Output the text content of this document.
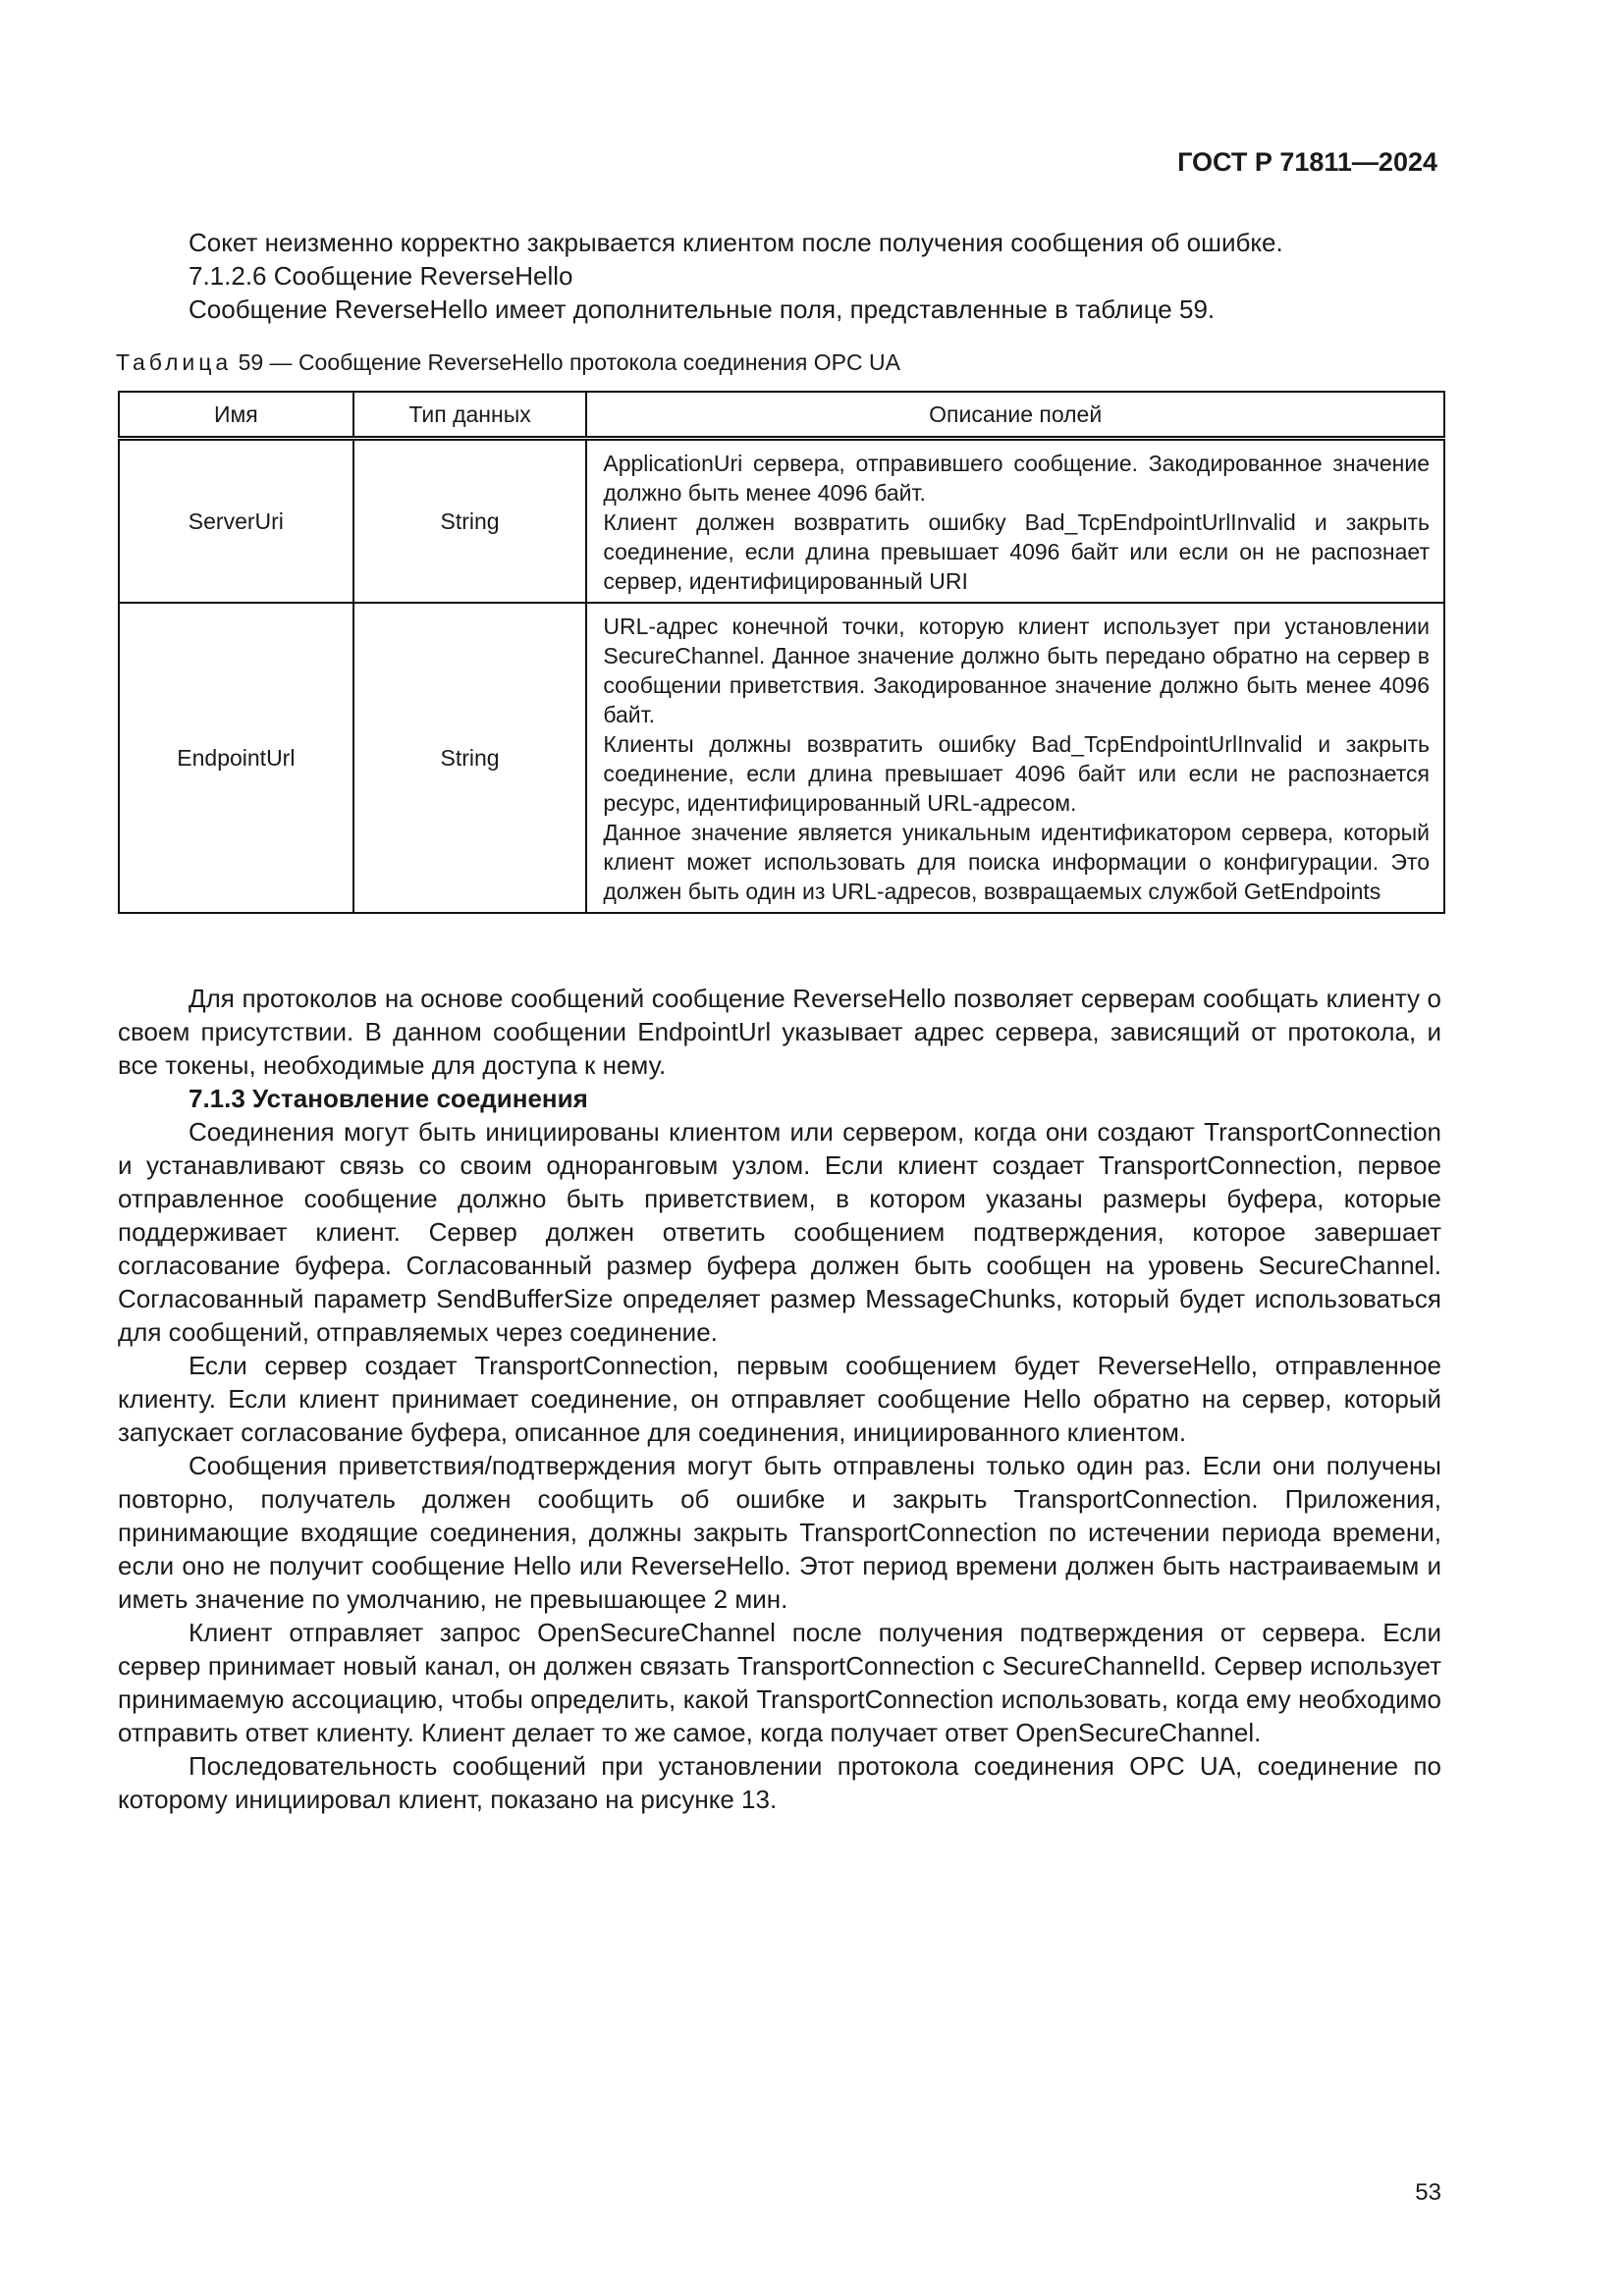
ГОСТ Р 71811—2024

Сокет неизменно корректно закрывается клиентом после получения сообщения об ошибке.

7.1.2.6 Сообщение ReverseHello

Сообщение ReverseHello имеет дополнительные поля, представленные в таблице 59.

Таблица 59 — Сообщение ReverseHello протокола соединения OPC UA
Имя	Тип данных	Описание полей
ServerUri	String	ApplicationUri сервера, отправившего сообщение. Закодированное значение должно быть менее 4096 байт.

Клиент должен возвратить ошибку Bad_TcpEndpointUrlInvalid и закрыть соединение, если длина превышает 4096 байт или если он не распознает сервер, идентифицированный URI

EndpointUrl	String	URL-адрес конечной точки, которую клиент использует при установлении SecureChannel. Данное значение должно быть передано обратно на сервер в сообщении приветствия. Закодированное значение должно быть менее 4096 байт.

Клиенты должны возвратить ошибку Bad_TcpEndpointUrlInvalid и закрыть соединение, если длина превышает 4096 байт или если не распознается ресурс, идентифицированный URL-адресом.

Данное значение является уникальным идентификатором сервера, который клиент может использовать для поиска информации о конфигурации. Это должен быть один из URL-адресов, возвращаемых службой GetEndpoints

Для протоколов на основе сообщений сообщение ReverseHello позволяет серверам сообщать клиенту о своем присутствии. В данном сообщении EndpointUrl указывает адрес сервера, зависящий от протокола, и все токены, необходимые для доступа к нему.

7.1.3 Установление соединения

Соединения могут быть инициированы клиентом или сервером, когда они создают TransportConnection и устанавливают связь со своим одноранговым узлом. Если клиент создает TransportConnection, первое отправленное сообщение должно быть приветствием, в котором указаны размеры буфера, которые поддерживает клиент. Сервер должен ответить сообщением подтверждения, которое завершает согласование буфера. Согласованный размер буфера должен быть сообщен на уровень SecureChannel. Согласованный параметр SendBufferSize определяет размер MessageChunks, который будет использоваться для сообщений, отправляемых через соединение.

Если сервер создает TransportConnection, первым сообщением будет ReverseHello, отправленное клиенту. Если клиент принимает соединение, он отправляет сообщение Hello обратно на сервер, который запускает согласование буфера, описанное для соединения, инициированного клиентом.

Сообщения приветствия/подтверждения могут быть отправлены только один раз. Если они получены повторно, получатель должен сообщить об ошибке и закрыть TransportConnection. Приложения, принимающие входящие соединения, должны закрыть TransportConnection по истечении периода времени, если оно не получит сообщение Hello или ReverseHello. Этот период времени должен быть настраиваемым и иметь значение по умолчанию, не превышающее 2 мин.

Клиент отправляет запрос OpenSecureChannel после получения подтверждения от сервера. Если сервер принимает новый канал, он должен связать TransportConnection с SecureChannelId. Сервер использует принимаемую ассоциацию, чтобы определить, какой TransportConnection использовать, когда ему необходимо отправить ответ клиенту. Клиент делает то же самое, когда получает ответ OpenSecureChannel.

Последовательность сообщений при установлении протокола соединения OPC UA, соединение по которому инициировал клиент, показано на рисунке 13.

53
